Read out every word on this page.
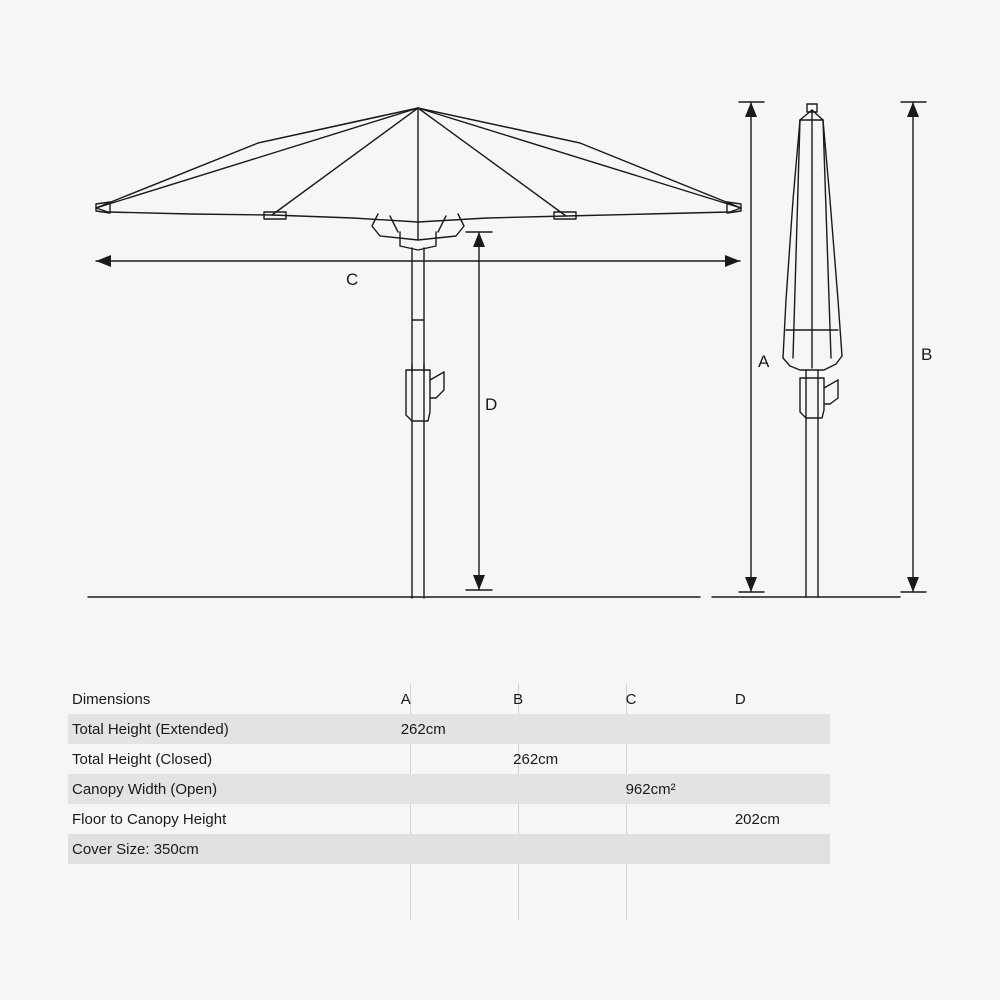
C
D
A	B
Dimensions	A	B	C	D
Total Height (Extended)	262cm			
Total Height (Closed)		262cm		
Canopy Width (Open)			962cm²	
Floor to Canopy Height				202cm
Cover Size: 350cm				
